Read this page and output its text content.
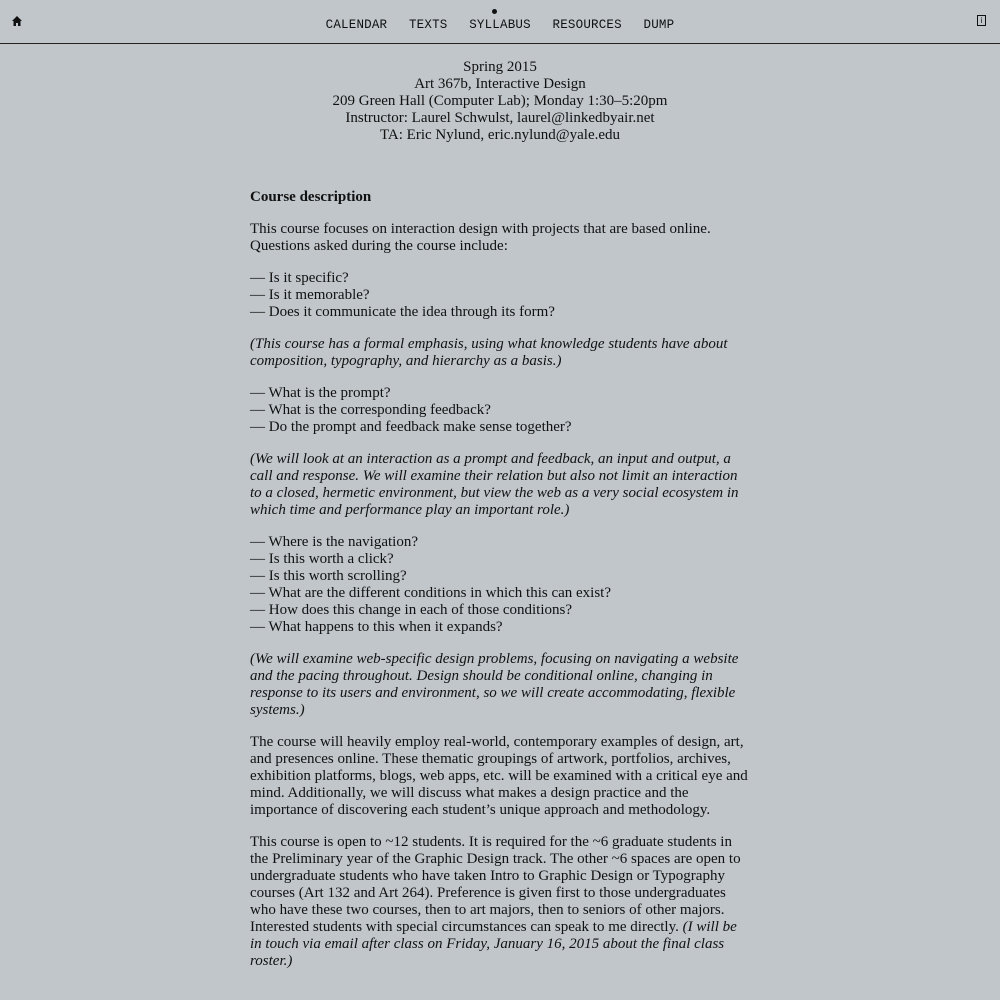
CALENDAR TEXTS SYLLABUS RESOURCES DUMP	i
Spring 2015
Art 367b, Interactive Design
209 Green Hall (Computer Lab); Monday 1:30–5:20pm
Instructor: Laurel Schwulst, laurel@linkedbyair.net
TA: Eric Nylund, eric.nylund@yale.edu
Course description

This course focuses on interaction design with projects that are based online. Questions asked during the course include:

— Is it specific?
— Is it memorable?
— Does it communicate the idea through its form?

(This course has a formal emphasis, using what knowledge students have about composition, typography, and hierarchy as a basis.)

— What is the prompt?
— What is the corresponding feedback?
— Do the prompt and feedback make sense together?

(We will look at an interaction as a prompt and feedback, an input and output, a call and response. We will examine their relation but also not limit an interaction to a closed, hermetic environment, but view the web as a very social ecosystem in which time and performance play an important role.)

— Where is the navigation?
— Is this worth a click?
— Is this worth scrolling?
— What are the different conditions in which this can exist?
— How does this change in each of those conditions?
— What happens to this when it expands?

(We will examine web-specific design problems, focusing on navigating a website and the pacing throughout. Design should be conditional online, changing in response to its users and environment, so we will create accommodating, flexible systems.)

The course will heavily employ real-world, contemporary examples of design, art, and presences online. These thematic groupings of artwork, portfolios, archives, exhibition platforms, blogs, web apps, etc. will be examined with a critical eye and mind. Additionally, we will discuss what makes a design practice and the importance of discovering each student’s unique approach and methodology.

This course is open to ~12 students. It is required for the ~6 graduate students in the Preliminary year of the Graphic Design track. The other ~6 spaces are open to undergraduate students who have taken Intro to Graphic Design or Typography courses (Art 132 and Art 264). Preference is given first to those undergraduates who have these two courses, then to art majors, then to seniors of other majors. Interested students with special circumstances can speak to me directly. (I will be in touch via email after class on Friday, January 16, 2015 about the final class roster.)
